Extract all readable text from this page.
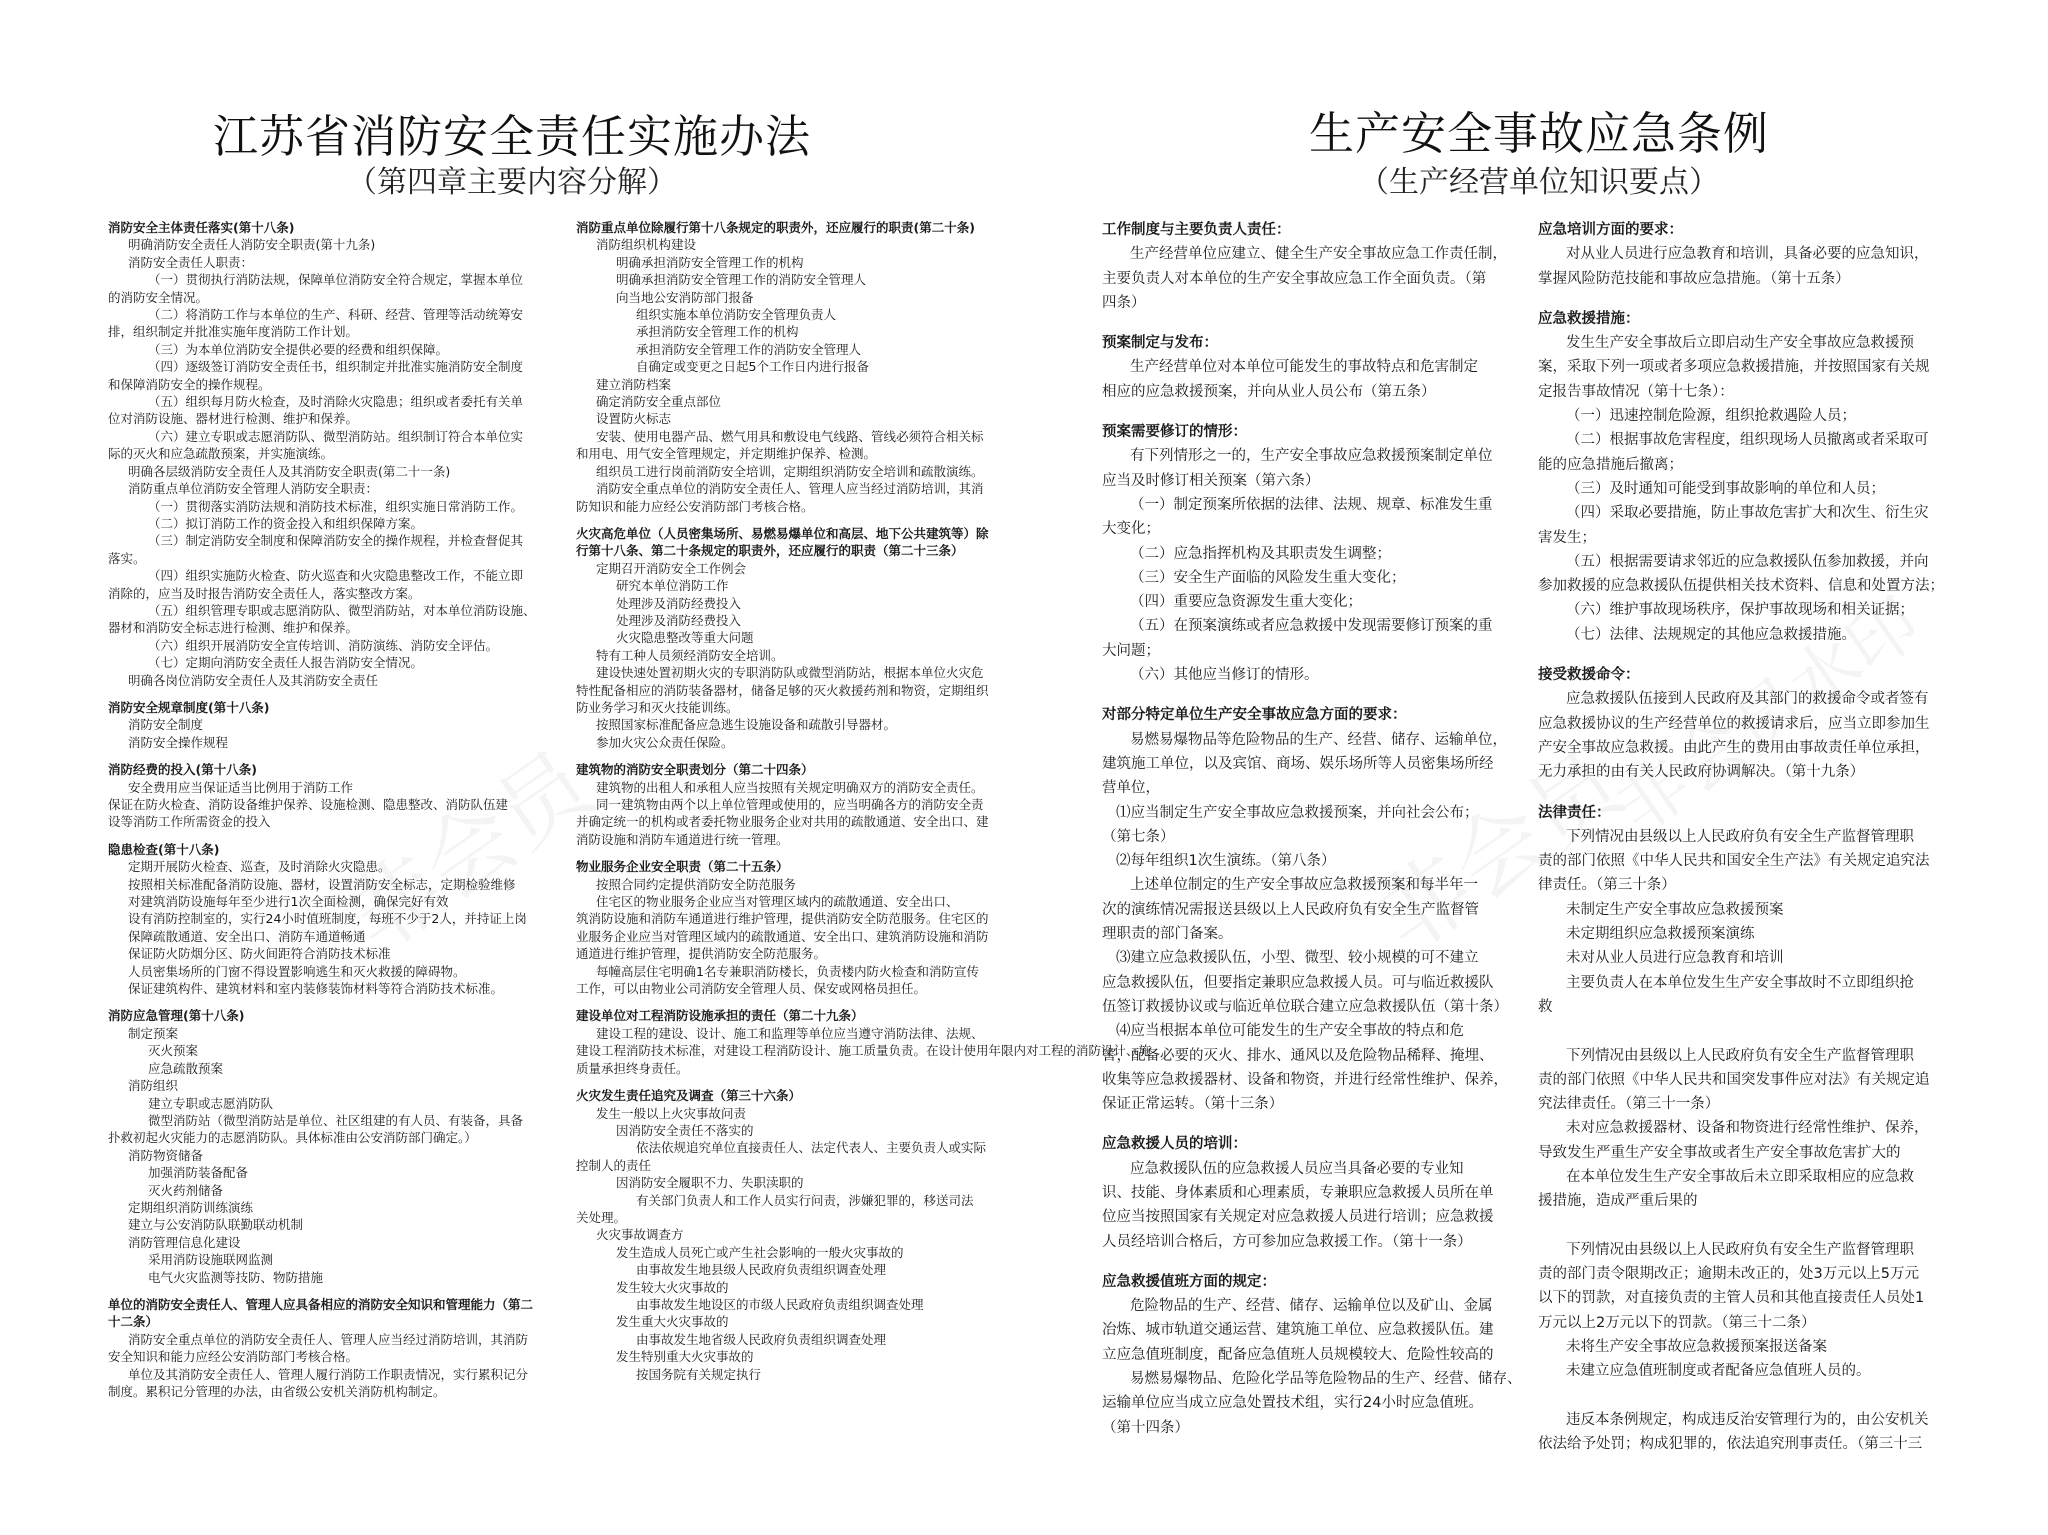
江苏省消防安全责任实施办法
（第四章主要内容分解）

消防安全主体责任落实(第十八条)

明确消防安全责任人消防安全职责(第十九条)

消防安全责任人职责：

（一）贯彻执行消防法规，保障单位消防安全符合规定，掌握本单位

的消防安全情况。

（二）将消防工作与本单位的生产、科研、经营、管理等活动统筹安

排，组织制定并批准实施年度消防工作计划。

（三）为本单位消防安全提供必要的经费和组织保障。

（四）逐级签订消防安全责任书，组织制定并批准实施消防安全制度

和保障消防安全的操作规程。

（五）组织每月防火检查，及时消除火灾隐患；组织或者委托有关单

位对消防设施、器材进行检测、维护和保养。

（六）建立专职或志愿消防队、微型消防站。组织制订符合本单位实

际的灭火和应急疏散预案，并实施演练。

明确各层级消防安全责任人及其消防安全职责(第二十一条)

消防重点单位消防安全管理人消防安全职责：

（一）贯彻落实消防法规和消防技术标准，组织实施日常消防工作。

（二）拟订消防工作的资金投入和组织保障方案。

（三）制定消防安全制度和保障消防安全的操作规程，并检查督促其

落实。

（四）组织实施防火检查、防火巡查和火灾隐患整改工作，不能立即

消除的，应当及时报告消防安全责任人，落实整改方案。

（五）组织管理专职或志愿消防队、微型消防站，对本单位消防设施、

器材和消防安全标志进行检测、维护和保养。

（六）组织开展消防安全宣传培训、消防演练、消防安全评估。

（七）定期向消防安全责任人报告消防安全情况。

明确各岗位消防安全责任人及其消防安全责任

消防安全规章制度(第十八条)

消防安全制度

消防安全操作规程

消防经费的投入(第十八条)

安全费用应当保证适当比例用于消防工作

保证在防火检查、消防设备维护保养、设施检测、隐患整改、消防队伍建

设等消防工作所需资金的投入

隐患检查(第十八条)

定期开展防火检查、巡查，及时消除火灾隐患。

按照相关标准配备消防设施、器材，设置消防安全标志，定期检验维修

对建筑消防设施每年至少进行1次全面检测，确保完好有效

设有消防控制室的，实行24小时值班制度，每班不少于2人，并持证上岗

保障疏散通道、安全出口、消防车通道畅通

保证防火防烟分区、防火间距符合消防技术标准

人员密集场所的门窗不得设置影响逃生和灭火救援的障碍物。

保证建筑构件、建筑材料和室内装修装饰材料等符合消防技术标准。

消防应急管理(第十八条)

制定预案

灭火预案

应急疏散预案

消防组织

建立专职或志愿消防队

微型消防站（微型消防站是单位、社区组建的有人员、有装备，具备

扑救初起火灾能力的志愿消防队。具体标准由公安消防部门确定。）

消防物资储备

加强消防装备配备

灭火药剂储备

定期组织消防训练演练

建立与公安消防队联勤联动机制

消防管理信息化建设

采用消防设施联网监测

电气火灾监测等技防、物防措施

单位的消防安全责任人、管理人应具备相应的消防安全知识和管理能力（第二

十二条）

消防安全重点单位的消防安全责任人、管理人应当经过消防培训，其消防

安全知识和能力应经公安消防部门考核合格。

单位及其消防安全责任人、管理人履行消防工作职责情况，实行累积记分

制度。累积记分管理的办法，由省级公安机关消防机构制定。

消防重点单位除履行第十八条规定的职责外，还应履行的职责(第二十条)

消防组织机构建设

明确承担消防安全管理工作的机构

明确承担消防安全管理工作的消防安全管理人

向当地公安消防部门报备

组织实施本单位消防安全管理负责人

承担消防安全管理工作的机构

承担消防安全管理工作的消防安全管理人

自确定或变更之日起5个工作日内进行报备

建立消防档案

确定消防安全重点部位

设置防火标志

安装、使用电器产品、燃气用具和敷设电气线路、管线必须符合相关标

和用电、用气安全管理规定，并定期维护保养、检测。

组织员工进行岗前消防安全培训，定期组织消防安全培训和疏散演练。

消防安全重点单位的消防安全责任人、管理人应当经过消防培训，其消

防知识和能力应经公安消防部门考核合格。

火灾高危单位（人员密集场所、易燃易爆单位和高层、地下公共建筑等）除

行第十八条、第二十条规定的职责外，还应履行的职责（第二十三条）

定期召开消防安全工作例会

研究本单位消防工作

处理涉及消防经费投入

处理涉及消防经费投入

火灾隐患整改等重大问题

特有工种人员须经消防安全培训。

建设快速处置初期火灾的专职消防队或微型消防站，根据本单位火灾危

特性配备相应的消防装备器材，储备足够的灭火救援药剂和物资，定期组织

防业务学习和灭火技能训练。

按照国家标准配备应急逃生设施设备和疏散引导器材。

参加火灾公众责任保险。

建筑物的消防安全职责划分（第二十四条）

建筑物的出租人和承租人应当按照有关规定明确双方的消防安全责任。

同一建筑物由两个以上单位管理或使用的，应当明确各方的消防安全责

并确定统一的机构或者委托物业服务企业对共用的疏散通道、安全出口、建

消防设施和消防车通道进行统一管理。

物业服务企业安全职责（第二十五条）

按照合同约定提供消防安全防范服务

住宅区的物业服务企业应当对管理区域内的疏散通道、安全出口、

筑消防设施和消防车通道进行维护管理，提供消防安全防范服务。住宅区的

业服务企业应当对管理区域内的疏散通道、安全出口、建筑消防设施和消防

通道进行维护管理，提供消防安全防范服务。

每幢高层住宅明确1名专兼职消防楼长，负责楼内防火检查和消防宣传

工作，可以由物业公司消防安全管理人员、保安或网格员担任。

建设单位对工程消防设施承担的责任（第二十九条）

建设工程的建设、设计、施工和监理等单位应当遵守消防法律、法规、

建设工程消防技术标准，对建设工程消防设计、施工质量负责。在设计使用年限内对工程的消防设计、施

质量承担终身责任。

火灾发生责任追究及调查（第三十六条）

发生一般以上火灾事故问责

因消防安全责任不落实的

依法依规追究单位直接责任人、法定代表人、主要负责人或实际

控制人的责任

因消防安全履职不力、失职渎职的

有关部门负责人和工作人员实行问责，涉嫌犯罪的，移送司法

关处理。

火灾事故调查方

发生造成人员死亡或产生社会影响的一般火灾事故的

由事故发生地县级人民政府负责组织调查处理

发生较大火灾事故的

由事故发生地设区的市级人民政府负责组织调查处理

发生重大火灾事故的

由事故发生地省级人民政府负责组织调查处理

发生特别重大火灾事故的

按国务院有关规定执行

生产安全事故应急条例
（生产经营单位知识要点）

工作制度与主要负责人责任：

生产经营单位应建立、健全生产安全事故应急工作责任制，

主要负责人对本单位的生产安全事故应急工作全面负责。（第

四条）

预案制定与发布：

生产经营单位对本单位可能发生的事故特点和危害制定

相应的应急救援预案，并向从业人员公布（第五条）

预案需要修订的情形：

有下列情形之一的，生产安全事故应急救援预案制定单位

应当及时修订相关预案（第六条）

（一）制定预案所依据的法律、法规、规章、标准发生重

大变化；

（二）应急指挥机构及其职责发生调整；

（三）安全生产面临的风险发生重大变化；

（四）重要应急资源发生重大变化；

（五）在预案演练或者应急救援中发现需要修订预案的重

大问题；

（六）其他应当修订的情形。

对部分特定单位生产安全事故应急方面的要求：

易燃易爆物品等危险物品的生产、经营、储存、运输单位，

建筑施工单位，以及宾馆、商场、娱乐场所等人员密集场所经

营单位，

⑴应当制定生产安全事故应急救援预案，并向社会公布；

（第七条）

⑵每年组织1次生演练。（第八条）

上述单位制定的生产安全事故应急救援预案和每半年一

次的演练情况需报送县级以上人民政府负有安全生产监督管

理职责的部门备案。

⑶建立应急救援队伍，小型、微型、较小规模的可不建立

应急救援队伍，但要指定兼职应急救援人员。可与临近救援队

伍签订救援协议或与临近单位联合建立应急救援队伍（第十条）

⑷应当根据本单位可能发生的生产安全事故的特点和危

害，配备必要的灭火、排水、通风以及危险物品稀释、掩埋、

收集等应急救援器材、设备和物资，并进行经常性维护、保养，

保证正常运转。（第十三条）

应急救援人员的培训：

应急救援队伍的应急救援人员应当具备必要的专业知

识、技能、身体素质和心理素质，专兼职应急救援人员所在单

位应当按照国家有关规定对应急救援人员进行培训；应急救援

人员经培训合格后，方可参加应急救援工作。（第十一条）

应急救援值班方面的规定：

危险物品的生产、经营、储存、运输单位以及矿山、金属

冶炼、城市轨道交通运营、建筑施工单位、应急救援队伍。建

立应急值班制度，配备应急值班人员规模较大、危险性较高的

易燃易爆物品、危险化学品等危险物品的生产、经营、储存、

运输单位应当成立应急处置技术组，实行24小时应急值班。

（第十四条）

应急培训方面的要求：

对从业人员进行应急教育和培训，具备必要的应急知识，

掌握风险防范技能和事故应急措施。（第十五条）

应急救援措施：

发生生产安全事故后立即启动生产安全事故应急救援预

案，采取下列一项或者多项应急救援措施，并按照国家有关规

定报告事故情况（第十七条）：

（一）迅速控制危险源，组织抢救遇险人员；

（二）根据事故危害程度，组织现场人员撤离或者采取可

能的应急措施后撤离；

（三）及时通知可能受到事故影响的单位和人员；

（四）采取必要措施，防止事故危害扩大和次生、衍生灾

害发生；

（五）根据需要请求邻近的应急救援队伍参加救援，并向

参加救援的应急救援队伍提供相关技术资料、信息和处置方法；

（六）维护事故现场秩序，保护事故现场和相关证据；

（七）法律、法规规定的其他应急救援措施。

接受救援命令：

应急救援队伍接到人民政府及其部门的救援命令或者签有

应急救援协议的生产经营单位的救援请求后，应当立即参加生

产安全事故应急救援。由此产生的费用由事故责任单位承担，

无力承担的由有关人民政府协调解决。（第十九条）

法律责任：

下列情况由县级以上人民政府负有安全生产监督管理职

责的部门依照《中华人民共和国安全生产法》有关规定追究法

律责任。（第三十条）

未制定生产安全事故应急救援预案

未定期组织应急救援预案演练

未对从业人员进行应急教育和培训

主要负责人在本单位发生生产安全事故时不立即组织抢

救

下列情况由县级以上人民政府负有安全生产监督管理职

责的部门依照《中华人民共和国突发事件应对法》有关规定追

究法律责任。（第三十一条）

未对应急救援器材、设备和物资进行经常性维护、保养，

导致发生严重生产安全事故或者生产安全事故危害扩大的

在本单位发生生产安全事故后未立即采取相应的应急救

援措施，造成严重后果的

下列情况由县级以上人民政府负有安全生产监督管理职

责的部门责令限期改正；逾期未改正的，处3万元以上5万元

以下的罚款，对直接负责的主管人员和其他直接责任人员处1

万元以上2万元以下的罚款。（第三十二条）

未将生产安全事故应急救援预案报送备案

未建立应急值班制度或者配备应急值班人员的。

违反本条例规定，构成违反治安管理行为的，由公安机关

依法给予处罚；构成犯罪的，依法追究刑事责任。（第三十三
